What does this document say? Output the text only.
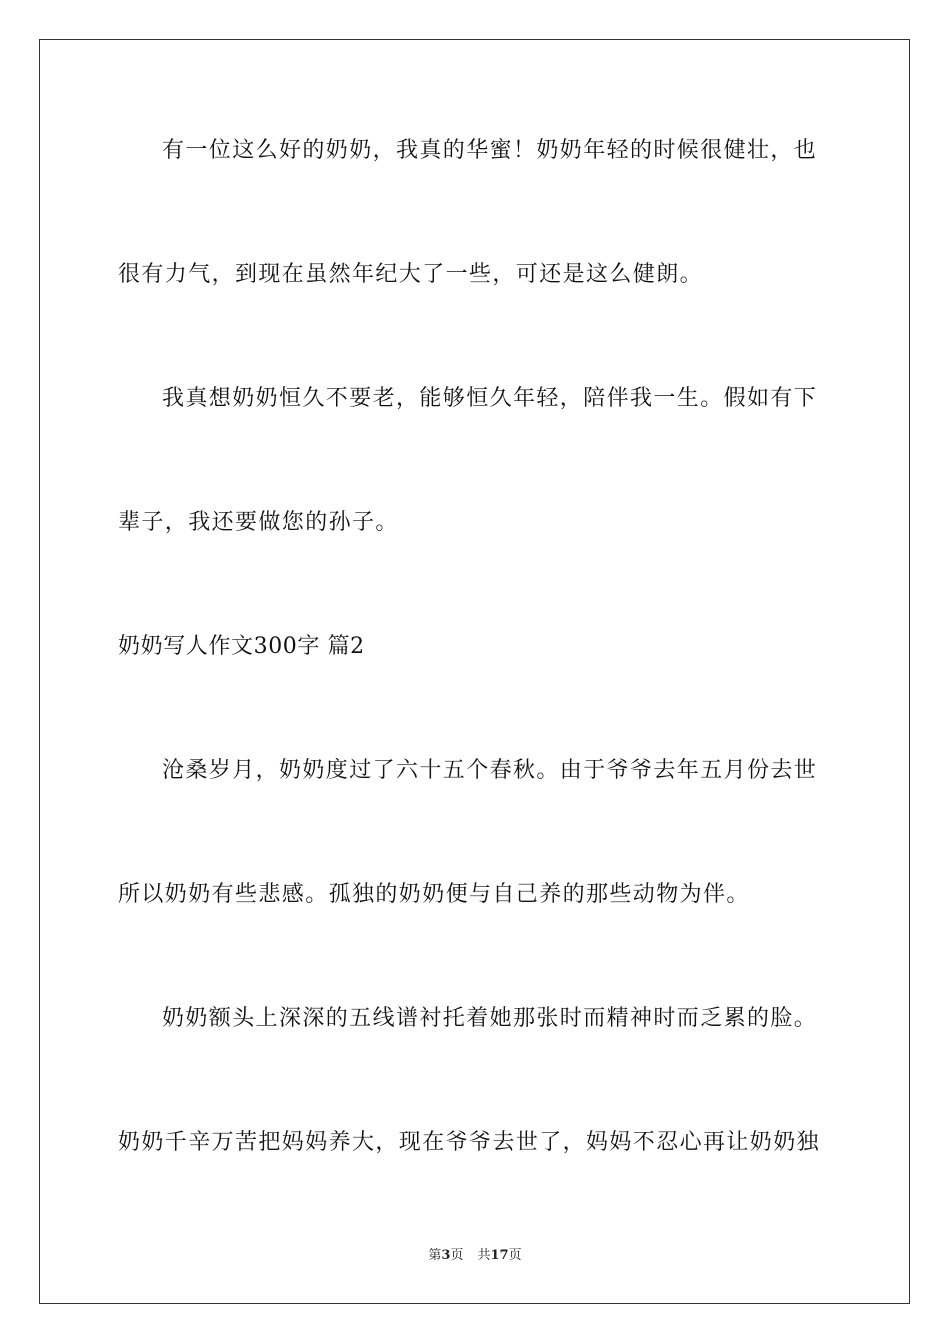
有一位这么好的奶奶，我真的华蜜！奶奶年轻的时候很健壮，也
很有力气，到现在虽然年纪大了一些，可还是这么健朗。
我真想奶奶恒久不要老，能够恒久年轻，陪伴我一生。假如有下
辈子，我还要做您的孙子。
奶奶写人作文300字 篇2
沧桑岁月，奶奶度过了六十五个春秋。由于爷爷去年五月份去世
所以奶奶有些悲感。孤独的奶奶便与自己养的那些动物为伴。
奶奶额头上深深的五线谱衬托着她那张时而精神时而乏累的脸。
奶奶千辛万苦把妈妈养大，现在爷爷去世了，妈妈不忍心再让奶奶独
第3页 共17页
